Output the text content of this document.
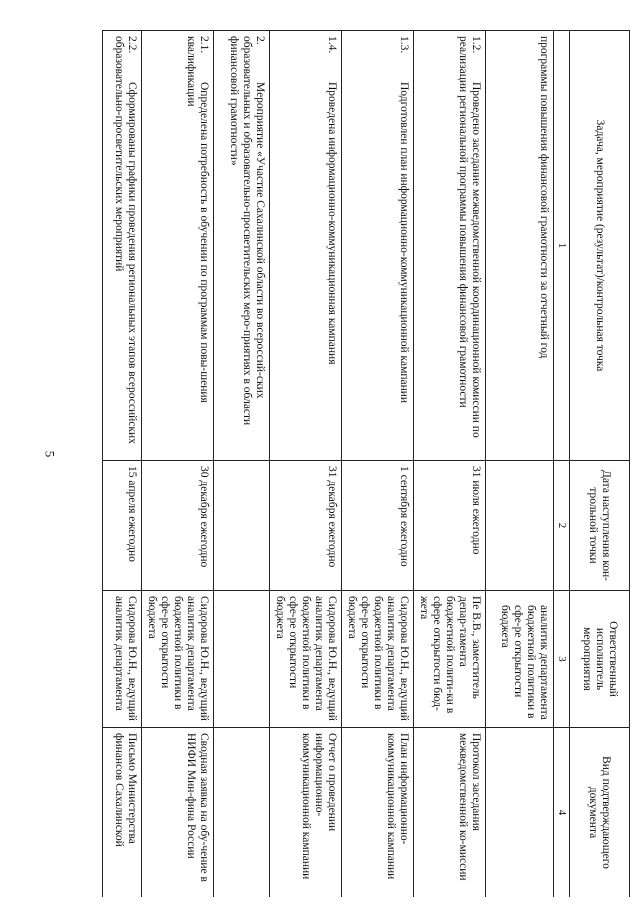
5
Задача, мероприятие (результат)/контрольная точка	Дата наступления кон-трольной точки	Ответственный исполнитель мероприятия	Вид подтверждающего документа
1	2	3	4
программы повышения финансовой грамотности за отчетный год		аналитик департамента бюджетной политики в сфе-ре открытости бюджета	
1.2.Проведено заседание межведомственной координационной комиссии по реализации региональной программы повышения финансовой грамотности	31 июля ежегодно	Пе В.В., заместитель депар-тамента бюджетной полити-ки в сфере открытости бюд-жета	Протокол заседания межведомственной ко-миссии
1.3.Подготовлен план информационно-коммуникационной кампании	1 сентября ежегодно	Сидорова Ю.Н., ведущий аналитик департамента бюджетной политики в сфе-ре открытости бюджета	План информационно-коммуникационной кампании
1.4.Проведена информационно-коммуникационная кампания	31 декабря ежегодно	Сидорова Ю.Н., ведущий аналитик департамента бюджетной политики в сфе-ре открытости бюджета	Отчет о проведении информационно-коммуникационной кампании
2.Мероприятие «Участие Сахалинской области во всероссий-ских образовательных и образовательно-просветительских меро-приятиях в области финансовой грамотности»			
2.1.Определена потребность в обучении по программам повы-шения квалификации	30 декабря ежегодно	Сидорова Ю.Н., ведущий аналитик департамента бюджетной политики в сфе-ре открытости бюджета	Сводная заявка на обу-чение в НИФИ Мин-фина России
2.2.Сформированы графики проведения региональных этапов всероссийских образовательно-просветительских мероприятий	15 апреля ежегодно	Сидорова Ю.Н., ведущий аналитик департамента	Письмо Министерства финансов Сахалинской
